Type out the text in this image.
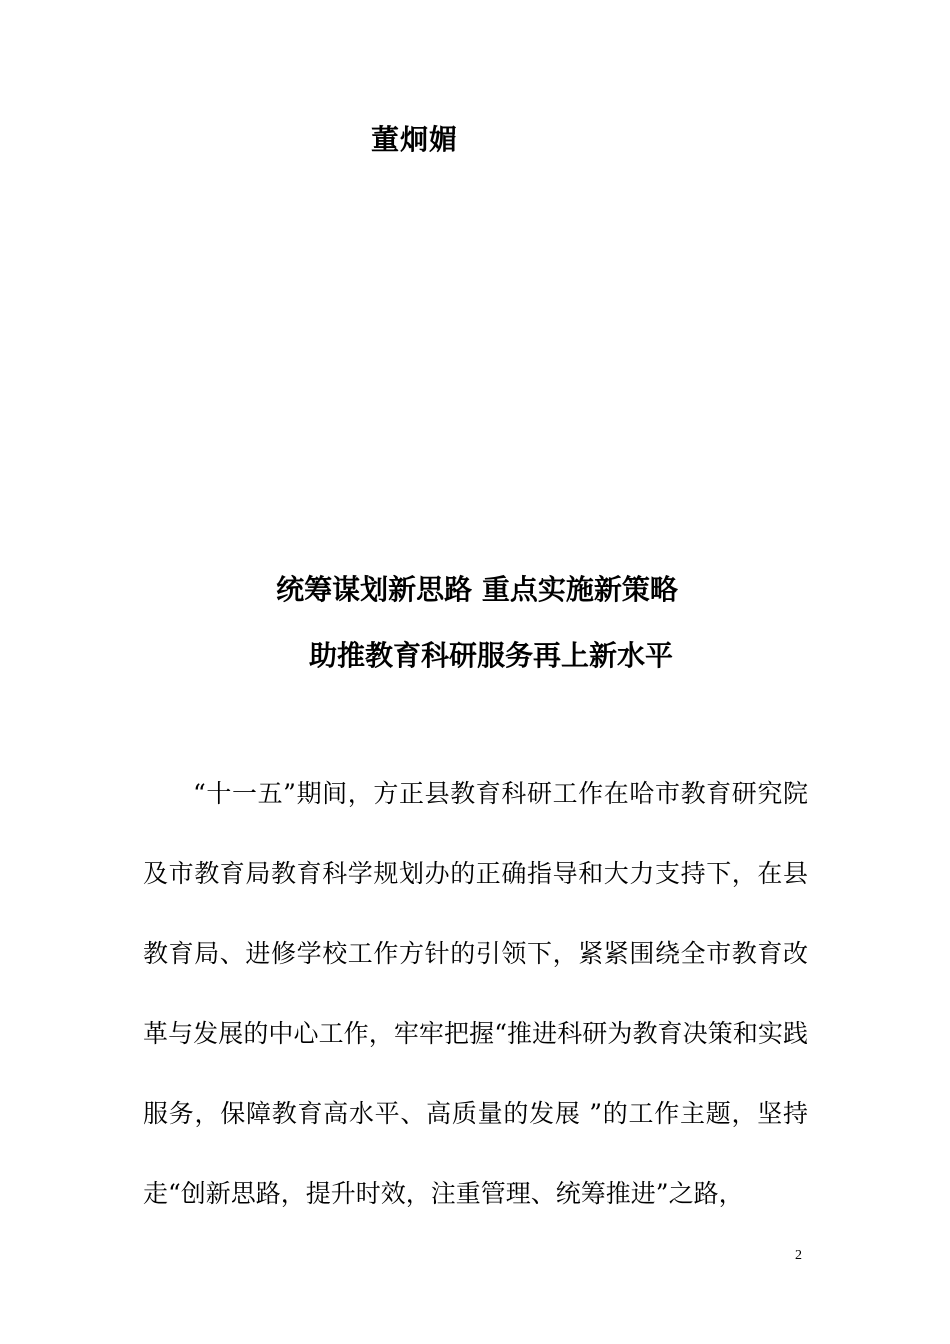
董炯媚
统筹谋划新思路 重点实施新策略
助推教育科研服务再上新水平

“十一五”期间，方正县教育科研工作在哈市教育研究院及市教育局教育科学规划办的正确指导和大力支持下，在县教育局、进修学校工作方针的引领下，紧紧围绕全市教育改革与发展的中心工作，牢牢把握“推进科研为教育决策和实践服务，保障教育高水平、高质量的发展 ”的工作主题，坚持走“创新思路，提升时效，注重管理、统筹推进”之路，

2
